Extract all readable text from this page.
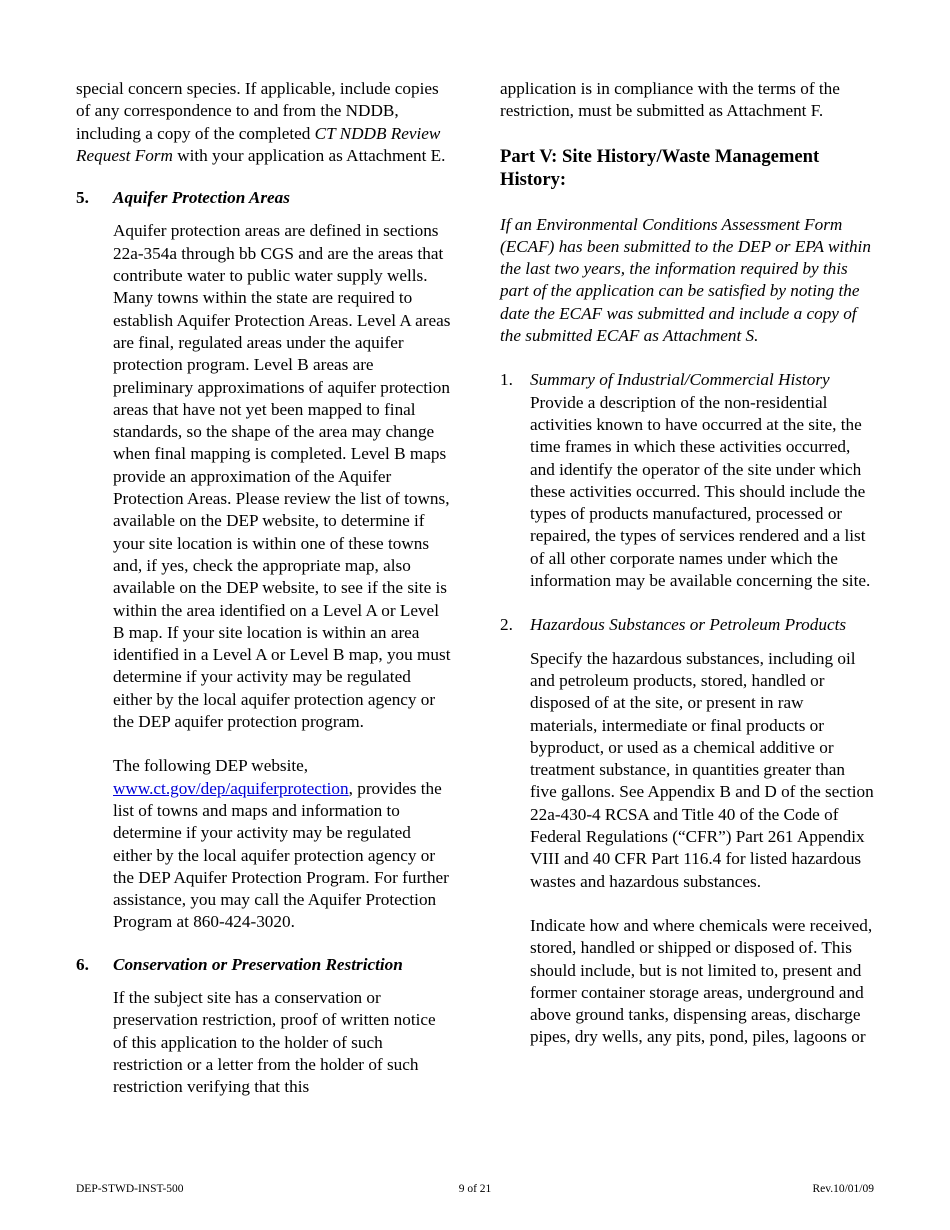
special concern species. If applicable, include copies of any correspondence to and from the NDDB, including a copy of the completed CT NDDB Review Request Form with your application as Attachment E.

5. Aquifer Protection Areas

Aquifer protection areas are defined in sections 22a-354a through bb CGS and are the areas that contribute water to public water supply wells. Many towns within the state are required to establish Aquifer Protection Areas. Level A areas are final, regulated areas under the aquifer protection program. Level B areas are preliminary approximations of aquifer protection areas that have not yet been mapped to final standards, so the shape of the area may change when final mapping is completed. Level B maps provide an approximation of the Aquifer Protection Areas. Please review the list of towns, available on the DEP website, to determine if your site location is within one of these towns and, if yes, check the appropriate map, also available on the DEP website, to see if the site is within the area identified on a Level A or Level B map. If your site location is within an area identified in a Level A or Level B map, you must determine if your activity may be regulated either by the local aquifer protection agency or the DEP aquifer protection program.

The following DEP website, www.ct.gov/dep/aquiferprotection, provides the list of towns and maps and information to determine if your activity may be regulated either by the local aquifer protection agency or the DEP Aquifer Protection Program. For further assistance, you may call the Aquifer Protection Program at 860-424-3020.

6. Conservation or Preservation Restriction

If the subject site has a conservation or preservation restriction, proof of written notice of this application to the holder of such restriction or a letter from the holder of such restriction verifying that this

application is in compliance with the terms of the restriction, must be submitted as Attachment F.

Part V: Site History/Waste Management History:

If an Environmental Conditions Assessment Form (ECAF) has been submitted to the DEP or EPA within the last two years, the information required by this part of the application can be satisfied by noting the date the ECAF was submitted and include a copy of the submitted ECAF as Attachment S.

1. Summary of Industrial/Commercial History

Provide a description of the non-residential activities known to have occurred at the site, the time frames in which these activities occurred, and identify the operator of the site under which these activities occurred. This should include the types of products manufactured, processed or repaired, the types of services rendered and a list of all other corporate names under which the information may be available concerning the site.

2. Hazardous Substances or Petroleum Products

Specify the hazardous substances, including oil and petroleum products, stored, handled or disposed of at the site, or present in raw materials, intermediate or final products or byproduct, or used as a chemical additive or treatment substance, in quantities greater than five gallons. See Appendix B and D of the section 22a-430-4 RCSA and Title 40 of the Code of Federal Regulations (“CFR”) Part 261 Appendix VIII and 40 CFR Part 116.4 for listed hazardous wastes and hazardous substances.

Indicate how and where chemicals were received, stored, handled or shipped or disposed of. This should include, but is not limited to, present and former container storage areas, underground and above ground tanks, dispensing areas, discharge pipes, dry wells, any pits, pond, piles, lagoons or

DEP-STWD-INST-500	9 of 21	Rev.10/01/09
